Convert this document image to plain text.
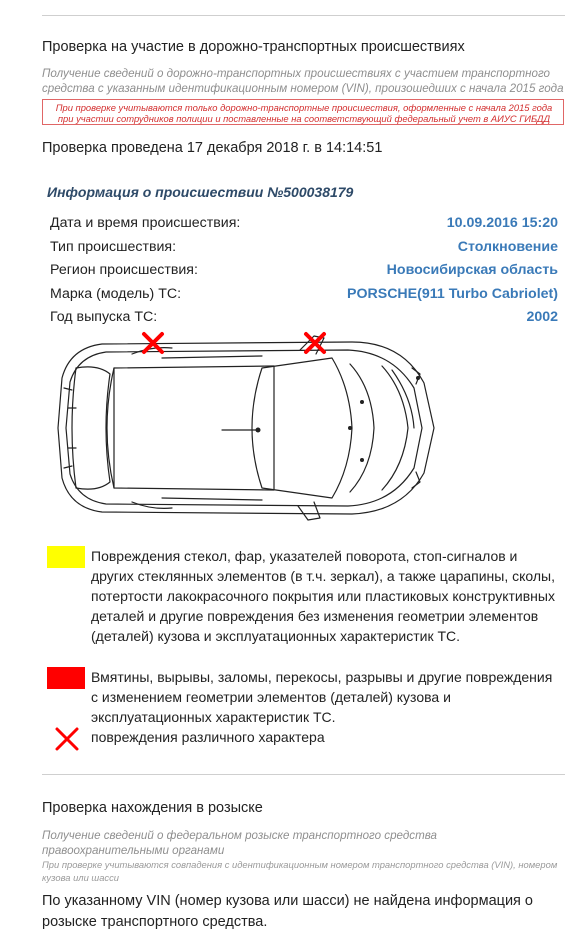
Проверка на участие в дорожно-транспортных происшествиях
Получение сведений о дорожно-транспортных происшествиях с участием транспортного средства с указанным идентификационным номером (VIN), произошедших с начала 2015 года
При проверке учитываются только дорожно-транспортные происшествия, оформленные с начала 2015 года при участии сотрудников полиции и поставленные на соответствующий федеральный учет в АИУС ГИБДД
Проверка проведена 17 декабря 2018 г. в 14:14:51
Информация о происшествии №500038179
Дата и время происшествия:	10.09.2016 15:20
Тип происшествия:	Столкновение
Регион происшествия:	Новосибирская область
Марка (модель) ТС:	PORSCHE(911 Turbo Cabriolet)
Год выпуска ТС:	2002
Повреждения стекол, фар, указателей поворота, стоп-сигналов и других стеклянных элементов (в т.ч. зеркал), а также царапины, сколы, потертости лакокрасочного покрытия или пластиковых конструктивных деталей и другие повреждения без изменения геометрии элементов (деталей) кузова и эксплуатационных характеристик ТС.
Вмятины, вырывы, заломы, перекосы, разрывы и другие повреждения с изменением геометрии элементов (деталей) кузова и эксплуатационных характеристик ТС.
повреждения различного характера
Проверка нахождения в розыске
Получение сведений о федеральном розыске транспортного средства правоохранительными органами
При проверке учитываются совпадения с идентификационным номером транспортного средства (VIN), номером кузова или шасси
По указанному VIN (номер кузова или шасси) не найдена информация о розыске транспортного средства.
